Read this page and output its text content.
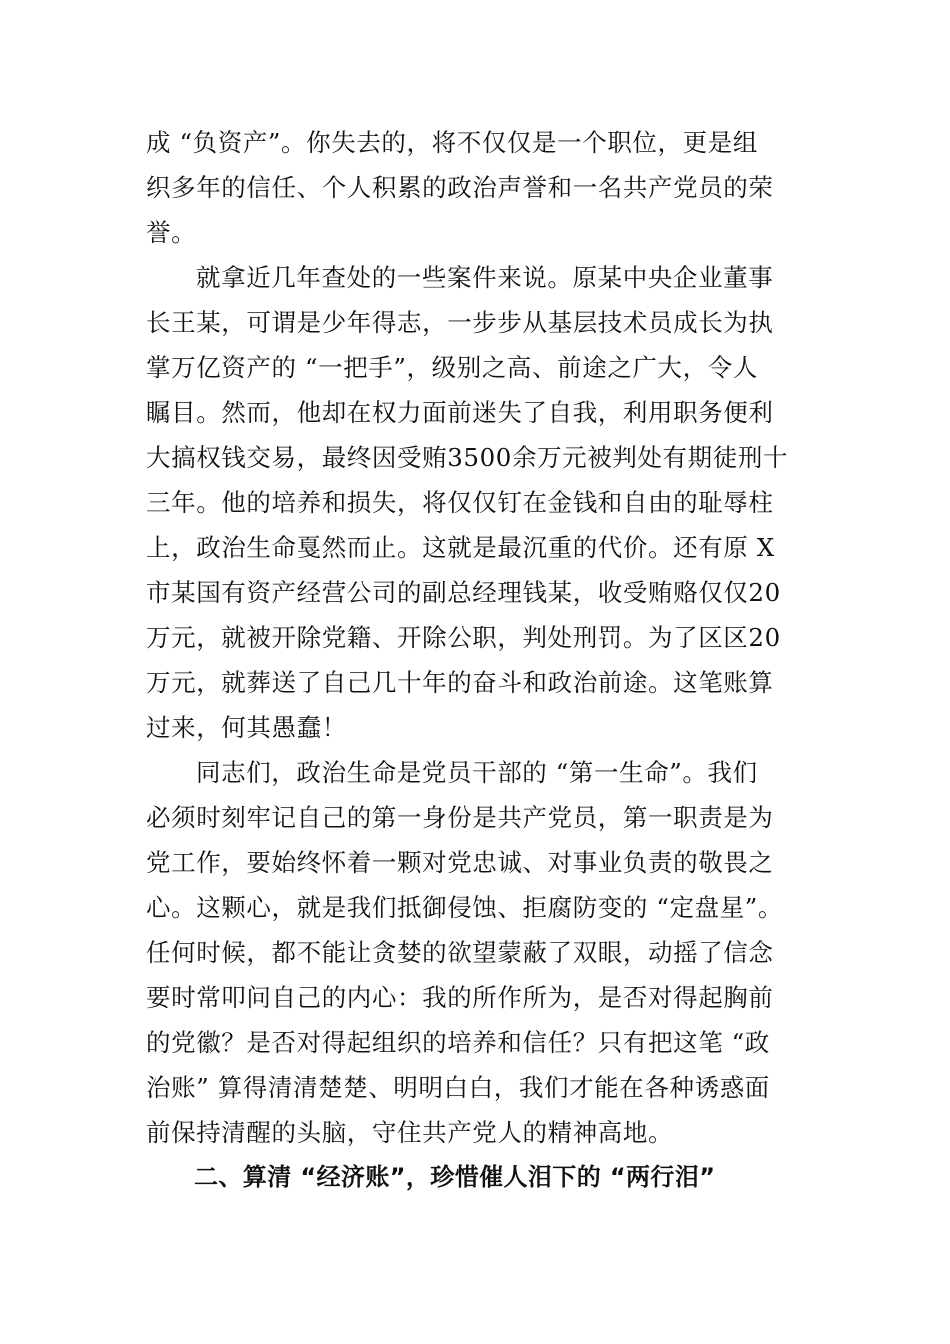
成 “负资产”。你失去的，将不仅仅是一个职位，更是组
织多年的信任、个人积累的政治声誉和一名共产党员的荣
誉。
就拿近几年查处的一些案件来说。原某中央企业董事
长王某，可谓是少年得志，一步步从基层技术员成长为执
掌万亿资产的 “一把手”，级别之高、前途之广大，令人
瞩目。然而，他却在权力面前迷失了自我，利用职务便利
大搞权钱交易，最终因受贿3500余万元被判处有期徒刑十
三年。他的培养和损失，将仅仅钉在金钱和自由的耻辱柱
上，政治生命戛然而止。这就是最沉重的代价。还有原 X
市某国有资产经营公司的副总经理钱某，收受贿赂仅仅20
万元，就被开除党籍、开除公职，判处刑罚。为了区区20
万元，就葬送了自己几十年的奋斗和政治前途。这笔账算
过来，何其愚蠢！
同志们，政治生命是党员干部的 “第一生命”。我们
必须时刻牢记自己的第一身份是共产党员，第一职责是为
党工作，要始终怀着一颗对党忠诚、对事业负责的敬畏之
心。这颗心，就是我们抵御侵蚀、拒腐防变的 “定盘星”。
任何时候，都不能让贪婪的欲望蒙蔽了双眼，动摇了信念
要时常叩问自己的内心：我的所作所为，是否对得起胸前
的党徽？是否对得起组织的培养和信任？只有把这笔 “政
治账” 算得清清楚楚、明明白白，我们才能在各种诱惑面
前保持清醒的头脑，守住共产党人的精神高地。
二、算清 “经济账”，珍惜催人泪下的 “两行泪”
